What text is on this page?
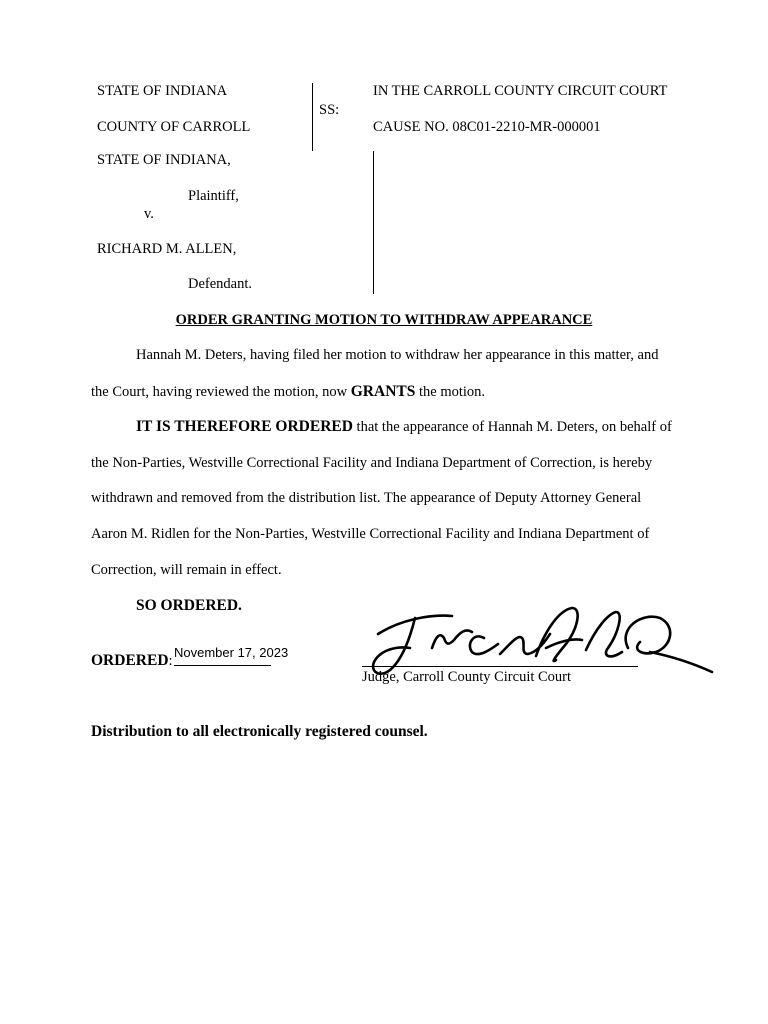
STATE OF INDIANA
COUNTY OF CARROLL
SS:
IN THE CARROLL COUNTY CIRCUIT COURT
CAUSE NO. 08C01-2210-MR-000001
STATE OF INDIANA,
Plaintiff,
v.
RICHARD M. ALLEN,
Defendant.
ORDER GRANTING MOTION TO WITHDRAW APPEARANCE
Hannah M. Deters, having filed her motion to withdraw her appearance in this matter, and
the Court, having reviewed the motion, now GRANTS the motion.
IT IS THEREFORE ORDERED that the appearance of Hannah M. Deters, on behalf of
the Non-Parties, Westville Correctional Facility and Indiana Department of Correction, is hereby
withdrawn and removed from the distribution list. The appearance of Deputy Attorney General
Aaron M. Ridlen for the Non-Parties, Westville Correctional Facility and Indiana Department of
Correction, will remain in effect.
SO ORDERED.
ORDERED:
November 17, 2023
Judge, Carroll County Circuit Court
Distribution to all electronically registered counsel.
